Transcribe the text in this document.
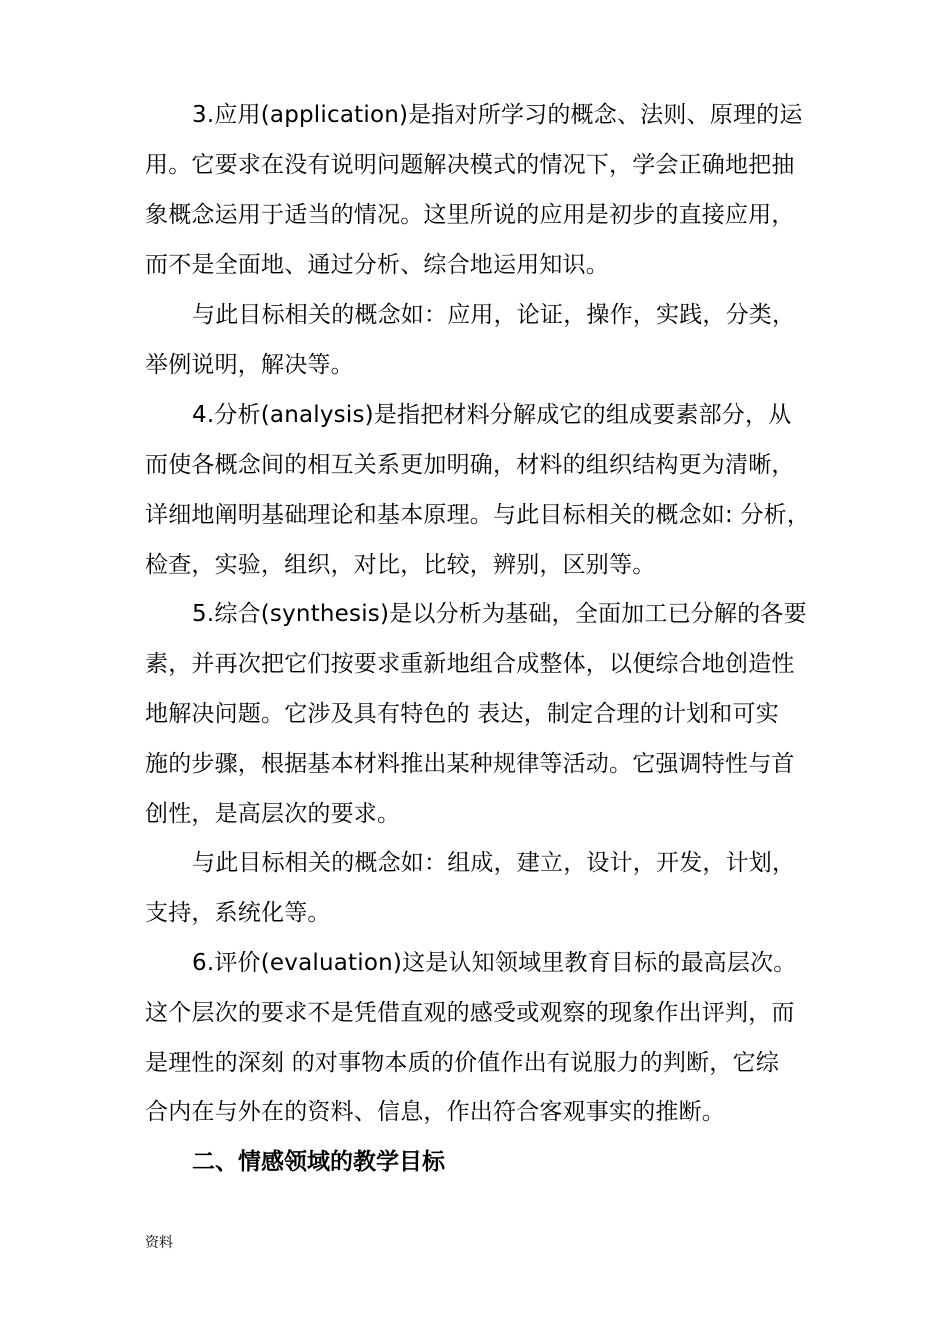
3.应用(application)是指对所学习的概念、法则、原理的运
用。它要求在没有说明问题解决模式的情况下，学会正确地把抽
象概念运用于适当的情况。这里所说的应用是初步的直接应用，
而不是全面地、通过分析、综合地运用知识。
与此目标相关的概念如：应用，论证，操作，实践，分类，
举例说明，解决等。
4.分析(analysis)是指把材料分解成它的组成要素部分，从
而使各概念间的相互关系更加明确，材料的组织结构更为清晰，
详细地阐明基础理论和基本原理。与此目标相关的概念如: 分析，
检查，实验，组织，对比，比较，辨别，区别等。
5.综合(synthesis)是以分析为基础，全面加工已分解的各要
素，并再次把它们按要求重新地组合成整体，以便综合地创造性
地解决问题。它涉及具有特色的 表达，制定合理的计划和可实
施的步骤，根据基本材料推出某种规律等活动。它强调特性与首
创性，是高层次的要求。
与此目标相关的概念如：组成，建立，设计，开发，计划，
支持，系统化等。
6.评价(evaluation)这是认知领域里教育目标的最高层次。
这个层次的要求不是凭借直观的感受或观察的现象作出评判，而
是理性的深刻 的对事物本质的价值作出有说服力的判断，它综
合内在与外在的资料、信息，作出符合客观事实的推断。
二、情感领域的教学目标
资料
